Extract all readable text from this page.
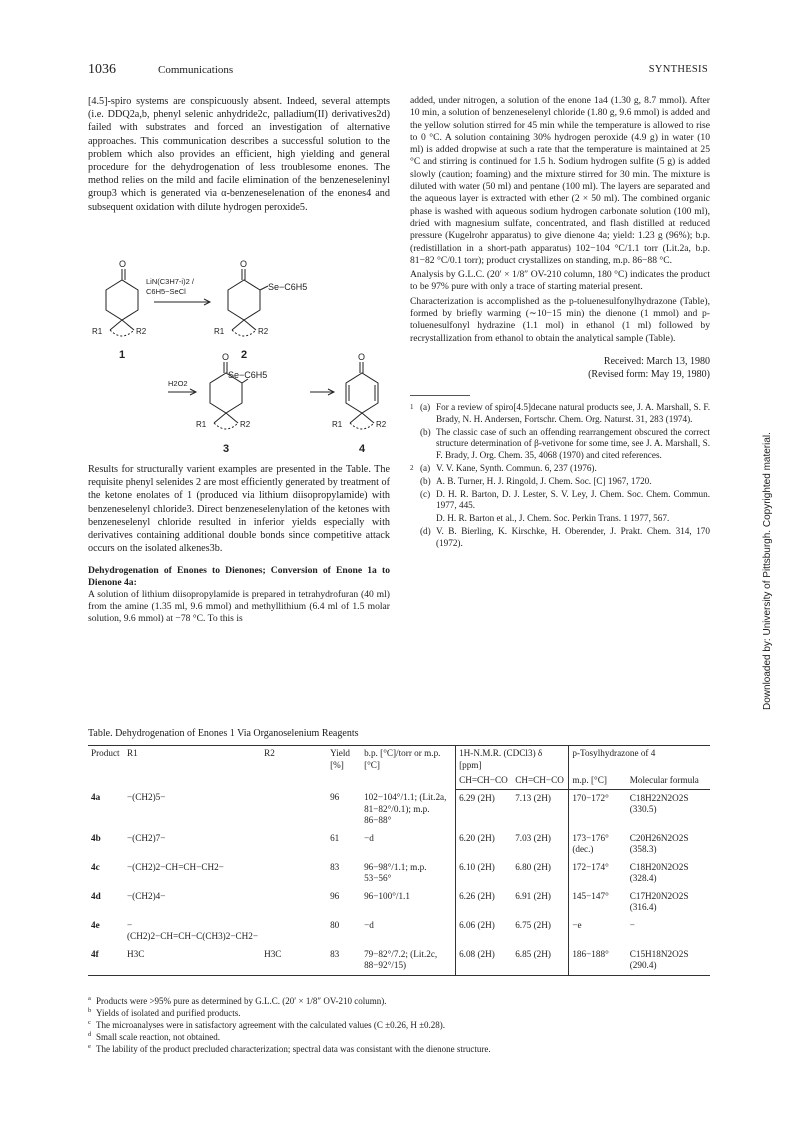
1036	Communications	SYNTHESIS

[4.5]-spiro systems are conspicuously absent. Indeed, several attempts (i.e. DDQ2a,b, phenyl selenic anhydride2c, palladium(II) derivatives2d) failed with substrates and forced an investigation of alternative approaches. This communication describes a successful solution to the problem which also provides an efficient, high yielding and general procedure for the dehydrogenation of less troublesome enones. The method relies on the mild and facile elimination of the benzeneseleninyl group3 which is generated via α-benzeneselenation of the enones4 and subsequent oxidation with dilute hydrogen peroxide5.

O	O
O	O
LiN(C3H7-i)2 /
C6H5−SeCl	Se−C6H5
Se−C6H5
H2O2
R1	R2	R1	R2
R1	R2	R1	R2
1	2
3	4

Results for structurally varient examples are presented in the Table. The requisite phenyl selenides 2 are most efficiently generated by treatment of the ketone enolates of 1 (produced via lithium diisopropylamide) with benzeneselenyl chloride3. Direct benzeneselenylation of the ketones with benzeneselenyl chloride resulted in inferior yields especially with derivatives containing additional double bonds since competitive attack occurs on the isolated alkenes3b.

Dehydrogenation of Enones to Dienones; Conversion of Enone 1a to Dienone 4a:
A solution of lithium diisopropylamide is prepared in tetrahydrofuran (40 ml) from the amine (1.35 ml, 9.6 mmol) and methyllithium (6.4 ml of 1.5 molar solution, 9.6 mmol) at −78 °C. To this is

added, under nitrogen, a solution of the enone 1a4 (1.30 g, 8.7 mmol). After 10 min, a solution of benzeneselenyl chloride (1.80 g, 9.6 mmol) is added and the yellow solution stirred for 45 min while the temperature is allowed to rise to 0 °C. A solution containing 30% hydrogen peroxide (4.9 g) in water (10 ml) is added dropwise at such a rate that the temperature is maintained at 25 °C and stirring is continued for 1.5 h. Sodium hydrogen sulfite (5 g) is added slowly (caution; foaming) and the mixture stirred for 30 min. The mixture is diluted with water (50 ml) and pentane (100 ml). The layers are separated and the aqueous layer is extracted with ether (2 × 50 ml). The combined organic phase is washed with aqueous sodium hydrogen carbonate solution (100 ml), dried with magnesium sulfate, concentrated, and flash distilled at reduced pressure (Kugelrohr apparatus) to give dienone 4a; yield: 1.23 g (96%); b.p. (redistillation in a short-path apparatus) 102−104 °C/1.1 torr (Lit.2a, b.p. 81−82 °C/0.1 torr); product crystallizes on standing, m.p. 86−88 °C.

Analysis by G.L.C. (20′ × 1/8″ OV-210 column, 180 °C) indicates the product to be 97% pure with only a trace of starting material present.

Characterization is accomplished as the p-toluenesulfonylhydrazone (Table), formed by briefly warming (∼10−15 min) the dienone (1 mmol) and p-toluenesulfonyl hydrazine (1.1 mol) in ethanol (1 ml) followed by recrystallization from ethanol to obtain the analytical sample (Table).

Received: March 13, 1980
(Revised form: May 19, 1980)
1 (a) For a review of spiro[4.5]decane natural products see, J. A. Marshall, S. F. Brady, N. H. Andersen, Fortschr. Chem. Org. Naturst. 31, 283 (1974).
(b) The classic case of such an offending rearrangement obscured the correct structure determination of β-vetivone for some time, see J. A. Marshall, S. F. Brady, J. Org. Chem. 35, 4068 (1970) and cited references.
2 (a) V. V. Kane, Synth. Commun. 6, 237 (1976).
(b) A. B. Turner, H. J. Ringold, J. Chem. Soc. [C] 1967, 1720.
(c) D. H. R. Barton, D. J. Lester, S. V. Ley, J. Chem. Soc. Chem. Commun. 1977, 445.
D. H. R. Barton et al., J. Chem. Soc. Perkin Trans. 1 1977, 567.
(d) V. B. Bierling, K. Kirschke, H. Oberender, J. Prakt. Chem. 314, 170 (1972).
Table. Dehydrogenation of Enones 1 Via Organoselenium Reagents
Product	R1	R2	Yield [%]	b.p. [°C]/torr or m.p. [°C]	1H-N.M.R. (CDCl3) δ [ppm]		p-Tosylhydrazone of 4	
					CH=CH−CO	CH=CH−CO	m.p. [°C]	Molecular formula
4a	−(CH2)5−		96	102−104°/1.1; (Lit.2a, 81−82°/0.1); m.p. 86−88°	6.29 (2H)	7.13 (2H)	170−172°	C18H22N2O2S (330.5)
4b	−(CH2)7−		61	−d	6.20 (2H)	7.03 (2H)	173−176° (dec.)	C20H26N2O2S (358.3)
4c	−(CH2)2−CH=CH−CH2−		83	96−98°/1.1; m.p. 53−56°	6.10 (2H)	6.80 (2H)	172−174°	C18H20N2O2S (328.4)
4d	−(CH2)4−		96	96−100°/1.1	6.26 (2H)	6.91 (2H)	145−147°	C17H20N2O2S (316.4)
4e	−(CH2)2−CH=CH−C(CH3)2−CH2−		80	−d	6.06 (2H)	6.75 (2H)	−e	−
4f	H3C	H3C	83	79−82°/7.2; (Lit.2c, 88−92°/15)	6.08 (2H)	6.85 (2H)	186−188°	C15H18N2O2S (290.4)
a Products were >95% pure as determined by G.L.C. (20′ × 1/8″ OV-210 column).
b Yields of isolated and purified products.
c The microanalyses were in satisfactory agreement with the calculated values (C ±0.26, H ±0.28).
d Small scale reaction, not obtained.
e The lability of the product precluded characterization; spectral data was consistant with the dienone structure.
Downloaded by: University of Pittsburgh. Copyrighted material.
